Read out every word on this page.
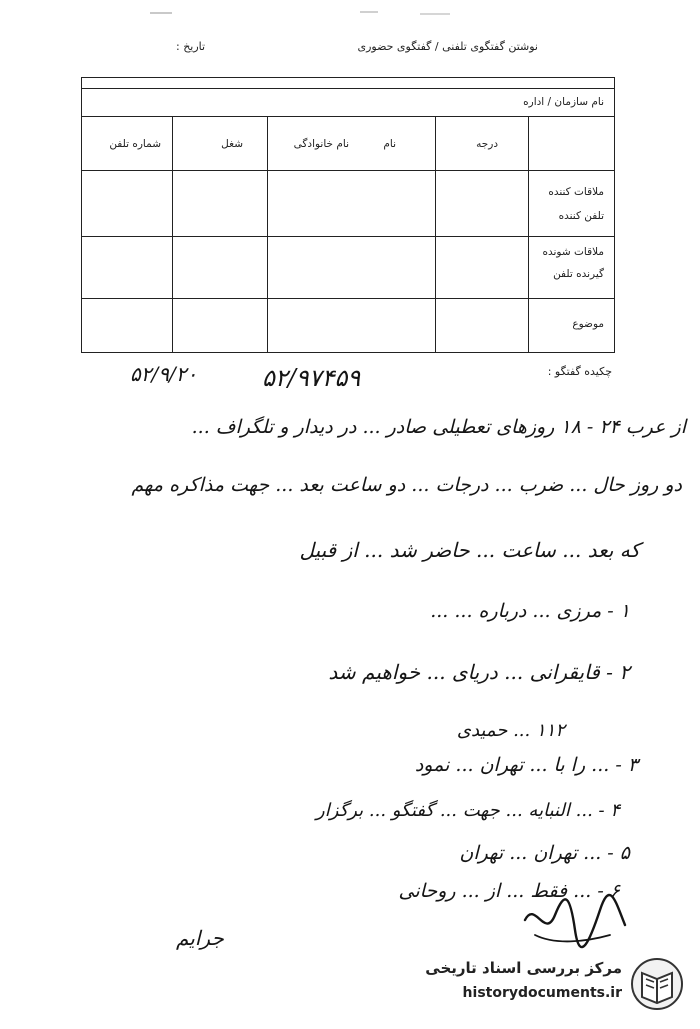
نوشتن گفتگوی تلفنی / گفتگوی حضوری
تاریخ :
نام سازمان / اداره
درجه
نام
نام خانوادگی
شغل
شماره تلفن
ملاقات کننده
تلفن کننده
ملاقات شونده
گیرنده تلفن
موضوع
چکیده گفتگو :
۵۲/۹/۲۰	۵۲/۹۷۴۵۹
از عرب ۲۴ - ۱۸ روزهای تعطیلی صادر ... در دیدار و تلگراف ...
دو روز حال ... ضرب ... درجات ... دو ساعت بعد ... جهت مذاکره مهم
که بعد ... ساعت ... حاضر شد ... از قبیل
۱ - مرزی ... درباره ... ...
۲ - قایقرانی ... دریای ... خواهیم شد
۱۱۲ ... حمیدی
۳ - ... را با ... تهران ... نمود
۴ - ... النبایه ... جهت ... گفتگو ... برگزار
۵ - ... تهران ... تهران
۶ - ... فقط ... از ... روحانی
جرایم
مرکز بررسی اسناد تاریخی
historydocuments.ir
